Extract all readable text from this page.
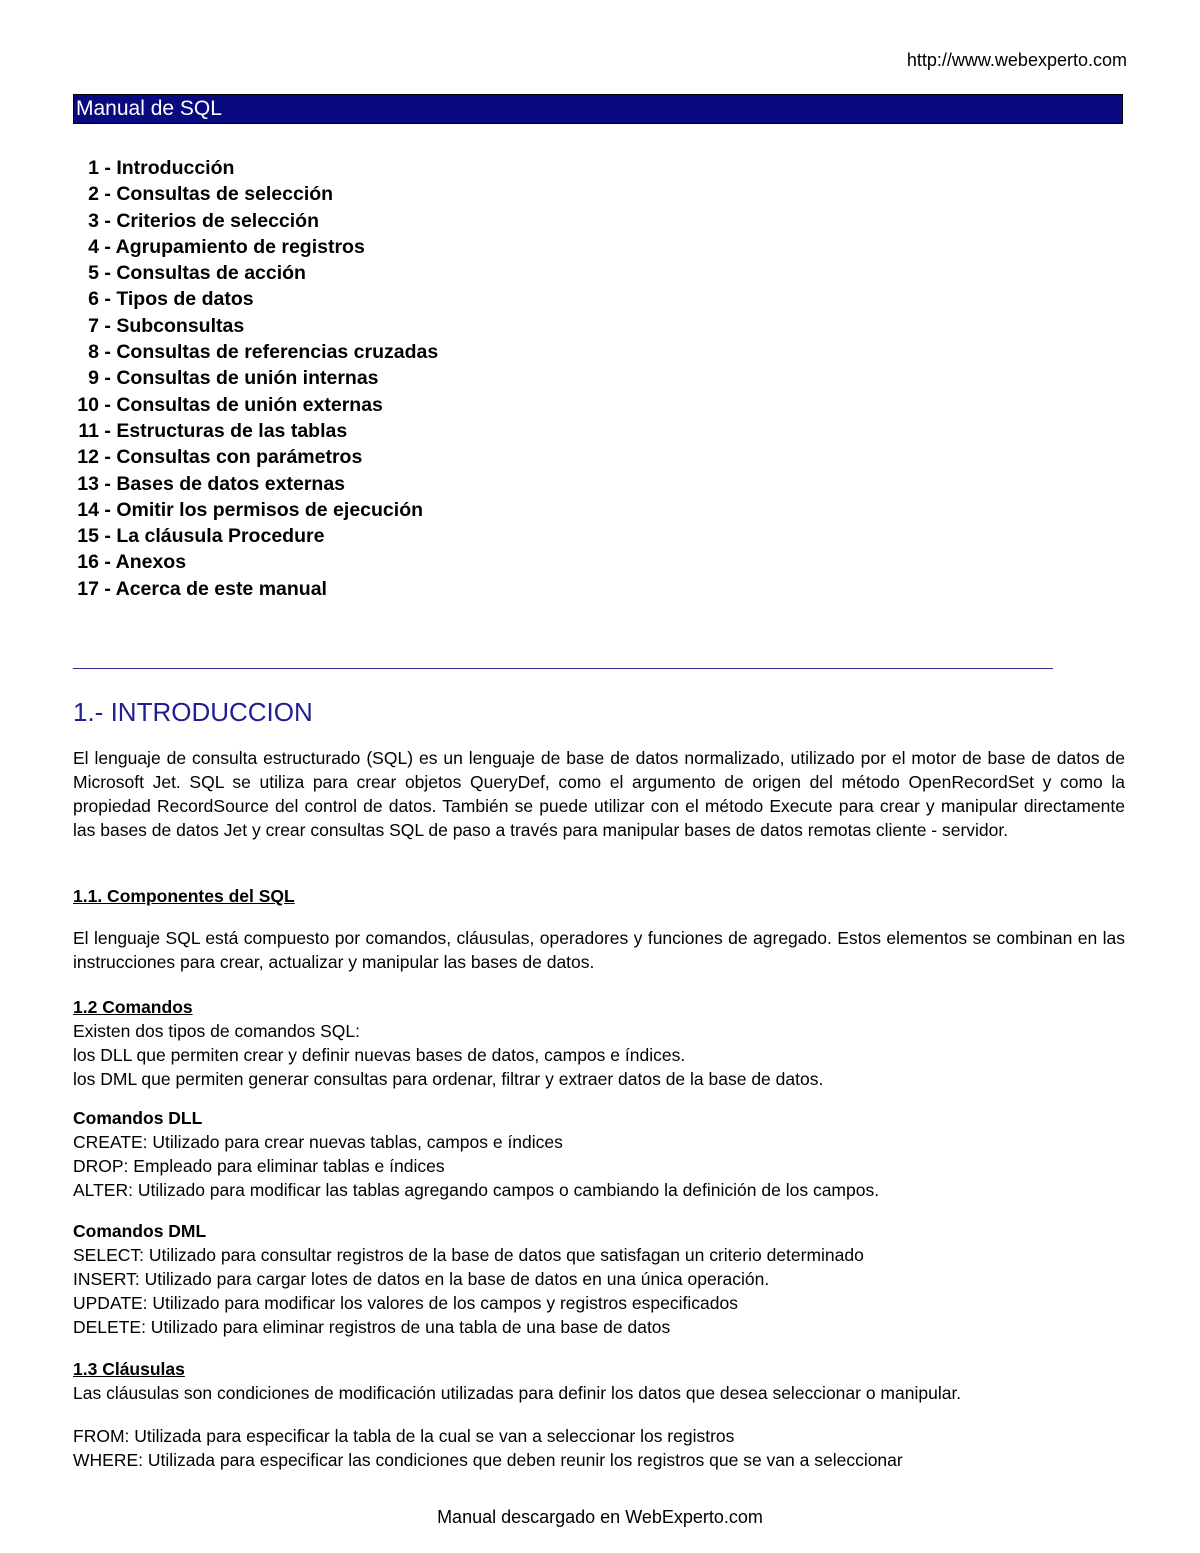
http://www.webexperto.com
Manual de SQL
1 - Introducción
2 - Consultas de selección
3 - Criterios de selección
4 - Agrupamiento de registros
5 - Consultas de acción
6 - Tipos de datos
7 - Subconsultas
8 - Consultas de referencias cruzadas
9 - Consultas de unión internas
10 - Consultas de unión externas
11 - Estructuras de las tablas
12 - Consultas con parámetros
13 - Bases de datos externas
14 - Omitir los permisos de ejecución
15 - La cláusula Procedure
16 - Anexos
17 - Acerca de este manual
1.- INTRODUCCION
El lenguaje de consulta estructurado (SQL) es un lenguaje de base de datos normalizado, utilizado por el motor de base de datos de Microsoft Jet. SQL se utiliza para crear objetos QueryDef, como el argumento de origen del método OpenRecordSet y como la propiedad RecordSource del control de datos. También se puede utilizar con el método Execute para crear y manipular directamente las bases de datos Jet y crear consultas SQL de paso a través para manipular bases de datos remotas cliente - servidor.
1.1. Componentes del SQL
El lenguaje SQL está compuesto por comandos, cláusulas, operadores y funciones de agregado. Estos elementos se combinan en las instrucciones para crear, actualizar y manipular las bases de datos.
1.2 Comandos
Existen dos tipos de comandos SQL:
los DLL que permiten crear y definir nuevas bases de datos, campos e índices.
los DML que permiten generar consultas para ordenar, filtrar y extraer datos de la base de datos.
Comandos DLL
CREATE: Utilizado para crear nuevas tablas, campos e índices
DROP: Empleado para eliminar tablas e índices
ALTER: Utilizado para modificar las tablas agregando campos o cambiando la definición de los campos.
Comandos DML
SELECT: Utilizado para consultar registros de la base de datos que satisfagan un criterio determinado
INSERT: Utilizado para cargar lotes de datos en la base de datos en una única operación.
UPDATE: Utilizado para modificar los valores de los campos y registros especificados
DELETE: Utilizado para eliminar registros de una tabla de una base de datos
1.3 Cláusulas
Las cláusulas son condiciones de modificación utilizadas para definir los datos que desea seleccionar o manipular.
FROM: Utilizada para especificar la tabla de la cual se van a seleccionar los registros
WHERE: Utilizada para especificar las condiciones que deben reunir los registros que se van a seleccionar
Manual descargado en WebExperto.com
